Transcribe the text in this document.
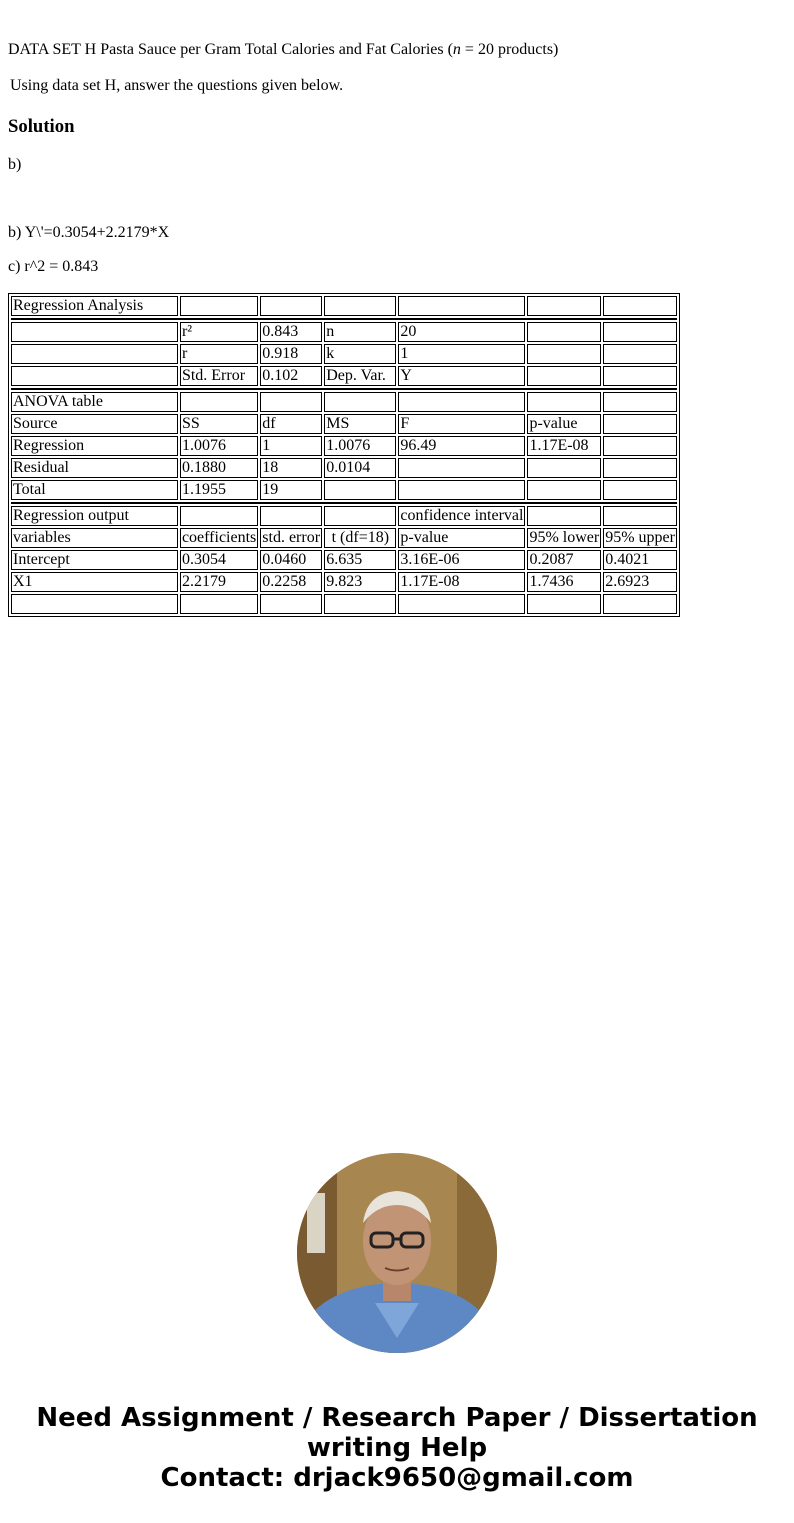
DATA SET H Pasta Sauce per Gram Total Calories and Fat Calories (n = 20 products)
Using data set H, answer the questions given below.
Solution
b)
b) Y\'=0.3054+2.2179*X
c) r^2 = 0.843
Regression Analysis						

	r²	0.843	n	20		
	r	0.918	k	1		
	Std. Error	0.102	Dep. Var.	Y		

ANOVA table						
Source	SS	df	MS	F	p-value	
Regression	1.0076	1	1.0076	96.49	1.17E-08	
Residual	0.1880	18	0.0104			
Total	1.1955	19				

Regression output				confidence interval		
variables	coefficients	std. error	t (df=18)	p-value	95% lower	95% upper
Intercept	0.3054	0.0460	6.635	3.16E-06	0.2087	0.4021
X1	2.2179	0.2258	9.823	1.17E-08	1.7436	2.6923

Need Assignment / Research Paper / Dissertation
writing Help
Contact: drjack9650@gmail.com
